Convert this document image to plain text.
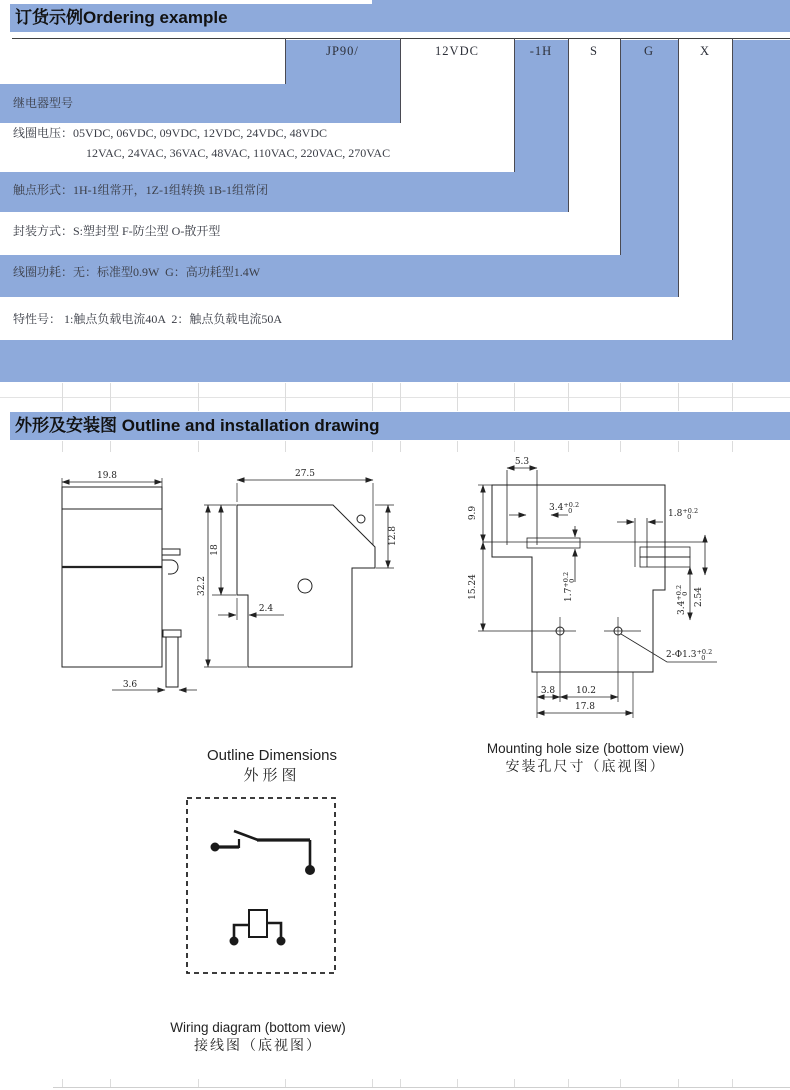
订货示例Ordering example
JP90/	12VDC	-1H	S	G	X
继电器型号
线圈电压：05VDC, 06VDC, 09VDC, 12VDC, 24VDC, 48VDC
12VAC, 24VAC, 36VAC, 48VAC, 110VAC, 220VAC, 270VAC
触点形式：1H-1组常开，1Z-1组转换 1B-1组常闭
封装方式：S:塑封型 F-防尘型 O-散开型
线圈功耗：无：标准型0.9W  G：高功耗型1.4W
特性号： 1:触点负载电流40A  2：触点负载电流50A
外形及安装图 Outline and installation drawing
19.8
3.6
27.5
32.2
18
12.8
2.4
5.3
9.9
15.24
$3.4^{+0.2}$ 0
$1.7^{+0.2}0$
$1.8^{+0.2}$ 0
$3.4^{+0.2}0$ 2.54
$2-\Phi 1.3^{+0.2}$ 0
3.8 10.2
17.8
Outline Dimensions
外形图
Mounting hole size (bottom view)
安装孔尺寸（底视图）
Wiring diagram (bottom view)
接线图（底视图）
